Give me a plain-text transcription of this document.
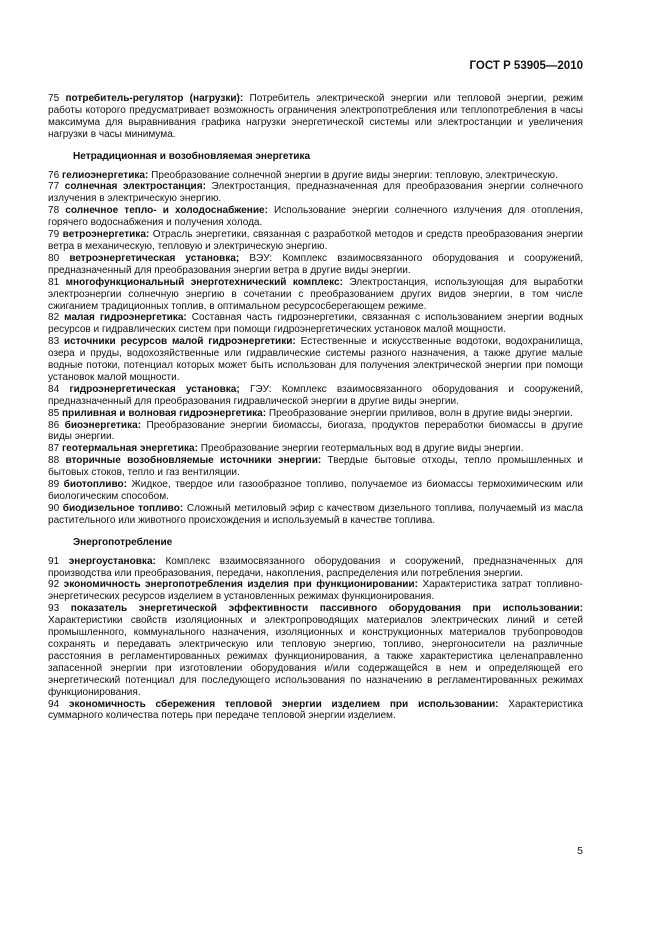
ГОСТ Р 53905—2010

75 потребитель-регулятор (нагрузки): Потребитель электрической энергии или тепловой энергии, режим работы которого предусматривает возможность ограничения электропотребления или теплопотребления в часы максимума для выравнивания графика нагрузки энергетической системы или электростанции и увеличения нагрузки в часы минимума.

Нетрадиционная и возобновляемая энергетика

76 гелиоэнергетика: Преобразование солнечной энергии в другие виды энергии: тепловую, электрическую.

77 солнечная электростанция: Электростанция, предназначенная для преобразования энергии солнечного излучения в электрическую энергию.

78 солнечное тепло- и холодоснабжение: Использование энергии солнечного излучения для отопления, горячего водоснабжения и получения холода.

79 ветроэнергетика: Отрасль энергетики, связанная с разработкой методов и средств преобразования энергии ветра в механическую, тепловую и электрическую энергию.

80 ветроэнергетическая установка; ВЭУ: Комплекс взаимосвязанного оборудования и сооружений, предназначенный для преобразования энергии ветра в другие виды энергии.

81 многофункциональный энерготехнический комплекс: Электростанция, использующая для выработки электроэнергии солнечную энергию в сочетании с преобразованием других видов энергии, в том числе сжиганием традиционных топлив, в оптимальном ресурсосберегающем режиме.

82 малая гидроэнергетика: Составная часть гидроэнергетики, связанная с использованием энергии водных ресурсов и гидравлических систем при помощи гидроэнергетических установок малой мощности.

83 источники ресурсов малой гидроэнергетики: Естественные и искусственные водотоки, водохранилища, озера и пруды, водохозяйственные или гидравлические системы разного назначения, а также другие малые водные потоки, потенциал которых может быть использован для получения электрической энергии при помощи установок малой мощности.

84 гидроэнергетическая установка; ГЭУ: Комплекс взаимосвязанного оборудования и сооружений, предназначенный для преобразования гидравлической энергии в другие виды энергии.

85 приливная и волновая гидроэнергетика: Преобразование энергии приливов, волн в другие виды энергии.

86 биоэнергетика: Преобразование энергии биомассы, биогаза, продуктов переработки биомассы в другие виды энергии.

87 геотермальная энергетика: Преобразование энергии геотермальных вод в другие виды энергии.

88 вторичные возобновляемые источники энергии: Твердые бытовые отходы, тепло промышленных и бытовых стоков, тепло и газ вентиляции.

89 биотопливо: Жидкое, твердое или газообразное топливо, получаемое из биомассы термохимическим или биологическим способом.

90 биодизельное топливо: Сложный метиловый эфир с качеством дизельного топлива, получаемый из масла растительного или животного происхождения и используемый в качестве топлива.

Энергопотребление

91 энергоустановка: Комплекс взаимосвязанного оборудования и сооружений, предназначенных для производства или преобразования, передачи, накопления, распределения или потребления энергии.

92 экономичность энергопотребления изделия при функционировании: Характеристика затрат топливно-энергетических ресурсов изделием в установленных режимах функционирования.

93 показатель энергетической эффективности пассивного оборудования при использовании: Характеристики свойств изоляционных и электропроводящих материалов электрических линий и сетей промышленного, коммунального назначения, изоляционных и конструкционных материалов трубопроводов сохранять и передавать электрическую или тепловую энергию, топливо, энергоносители на различные расстояния в регламентированных режимах функционирования, а также характеристика целенаправленно запасенной энергии при изготовлении оборудования и/или содержащейся в нем и определяющей его энергетический потенциал для последующего использования по назначению в регламентированных режимах функционирования.

94 экономичность сбережения тепловой энергии изделием при использовании: Характеристика суммарного количества потерь при передаче тепловой энергии изделием.

5
